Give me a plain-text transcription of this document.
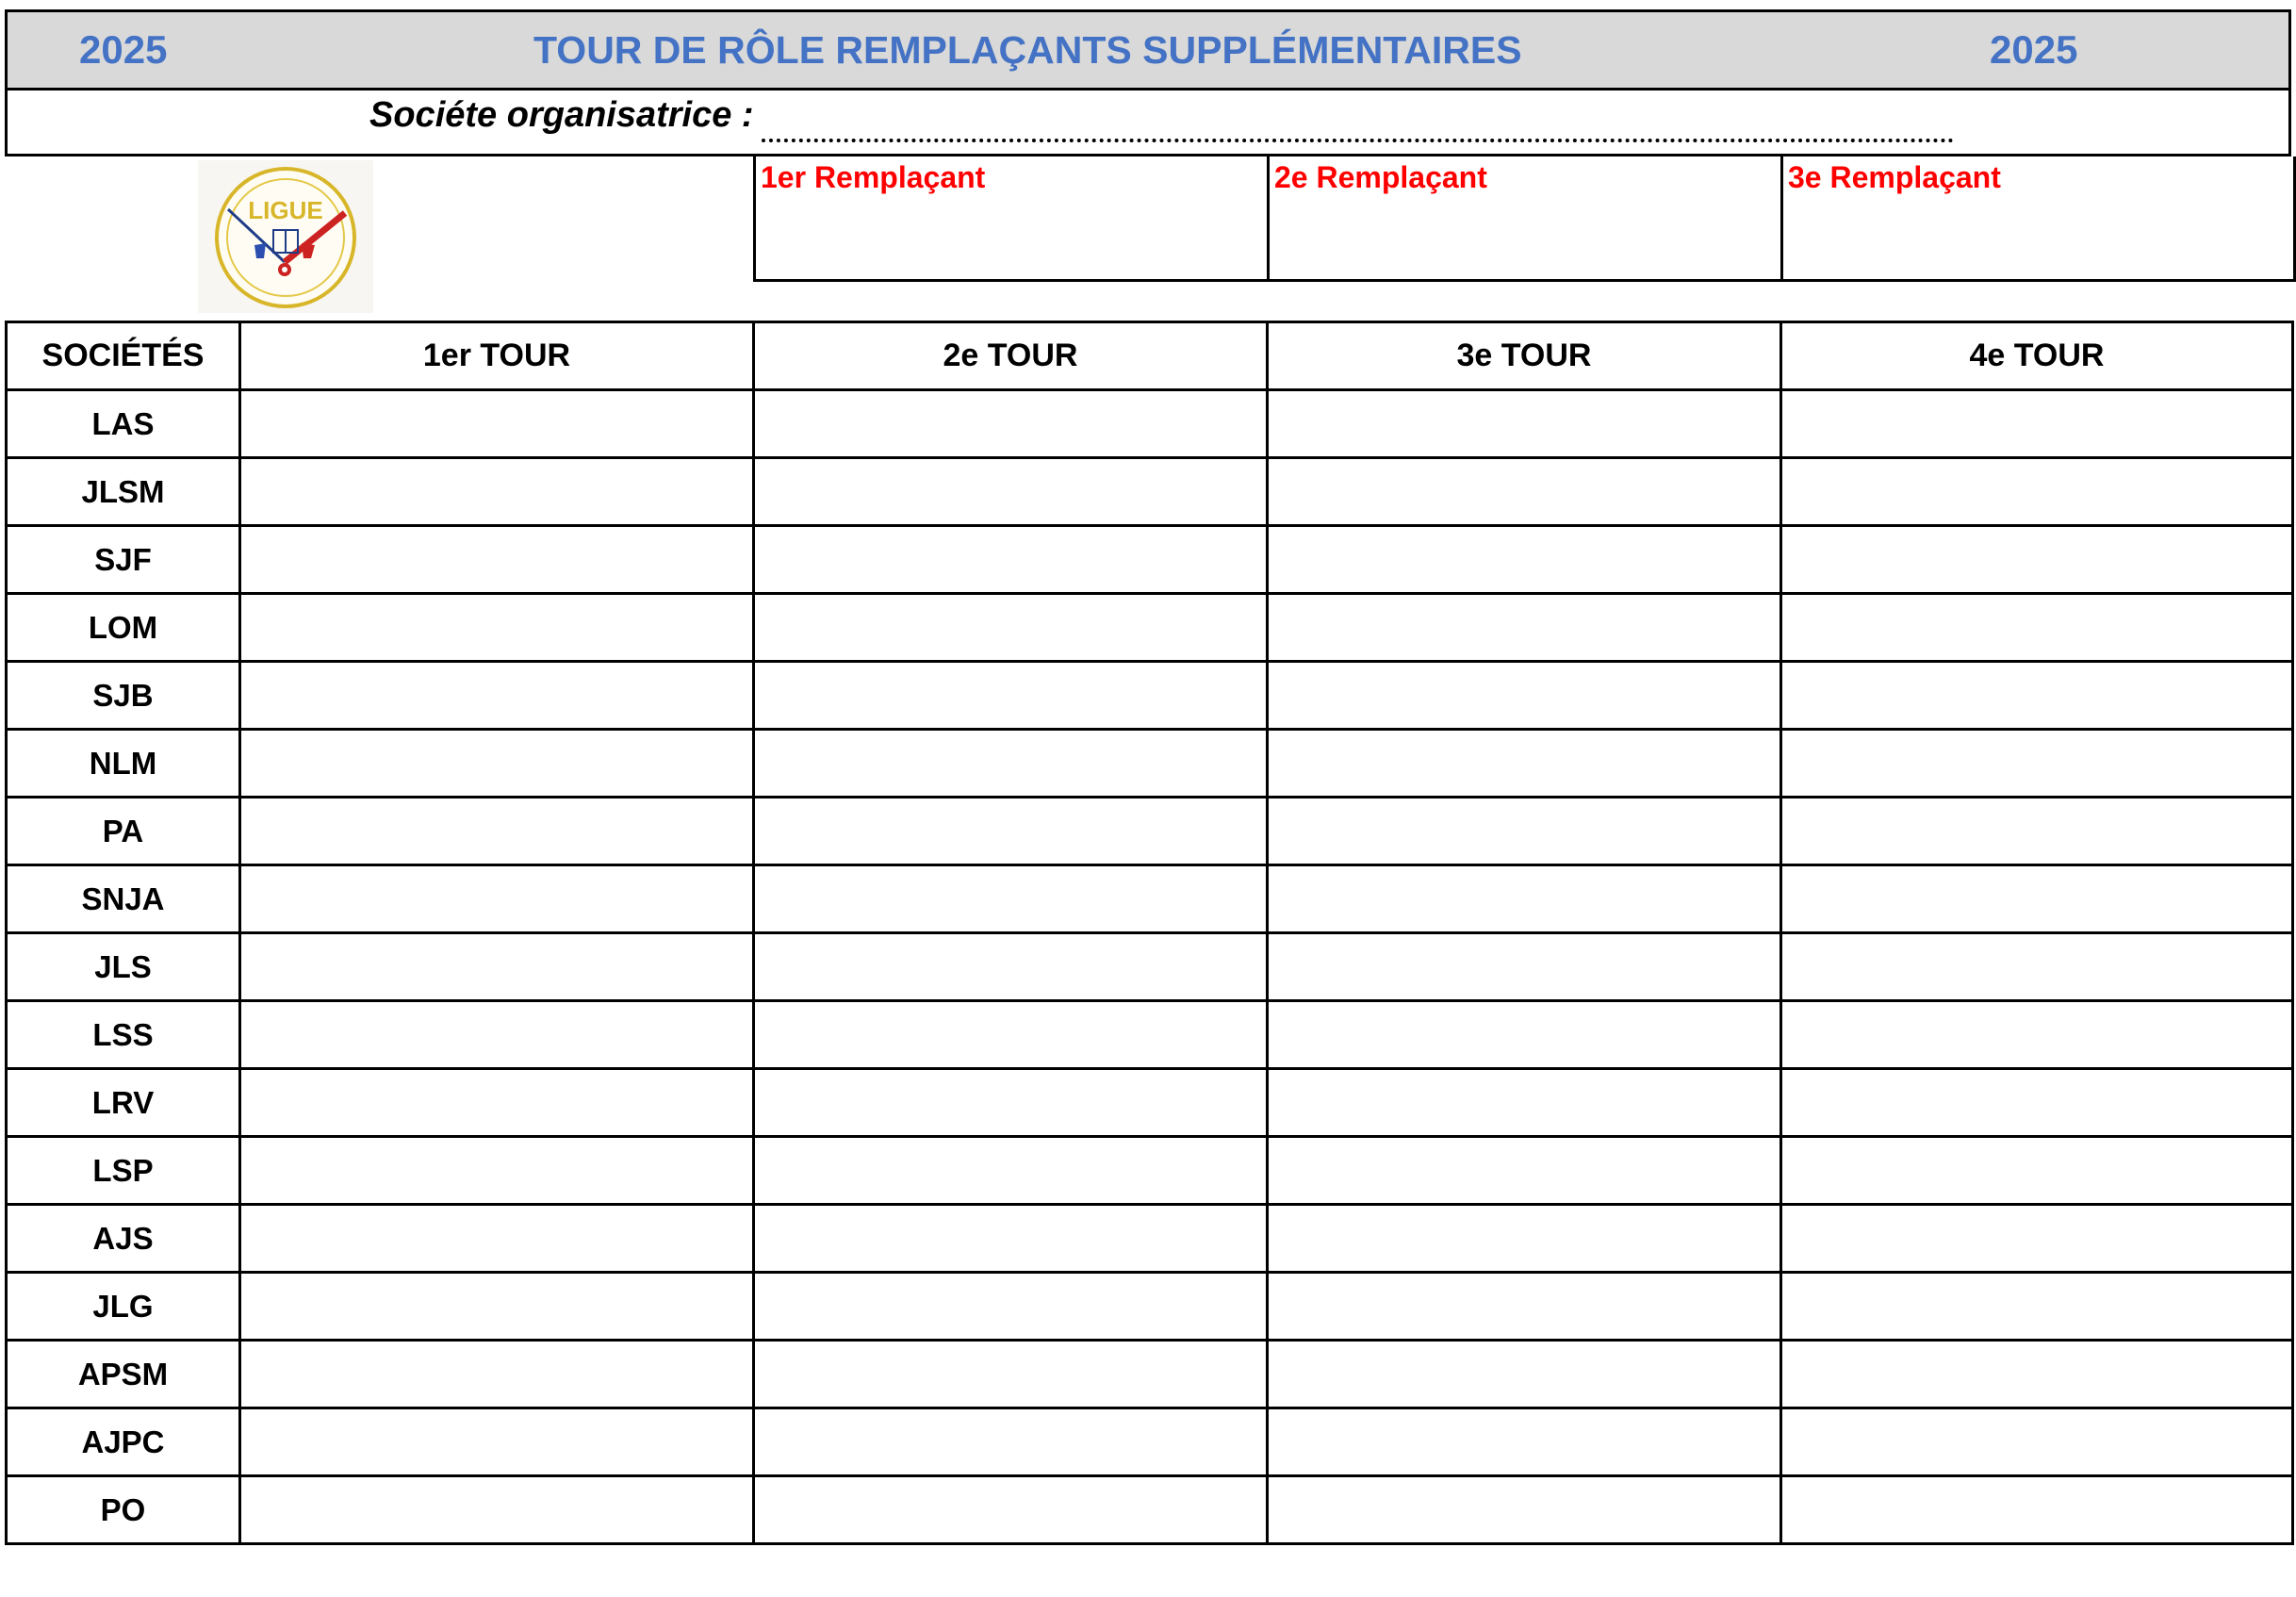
2025	TOUR DE RÔLE REMPLAÇANTS SUPPLÉMENTAIRES	2025
Sociéte organisatrice :
LIGUE
1er Remplaçant	2e Remplaçant	3e Remplaçant
SOCIÉTÉS	1er TOUR	2e TOUR	3e TOUR	4e TOUR
LAS				
JLSM				
SJF				
LOM				
SJB				
NLM				
PA				
SNJA				
JLS				
LSS				
LRV				
LSP				
AJS				
JLG				
APSM				
AJPC				
PO				
